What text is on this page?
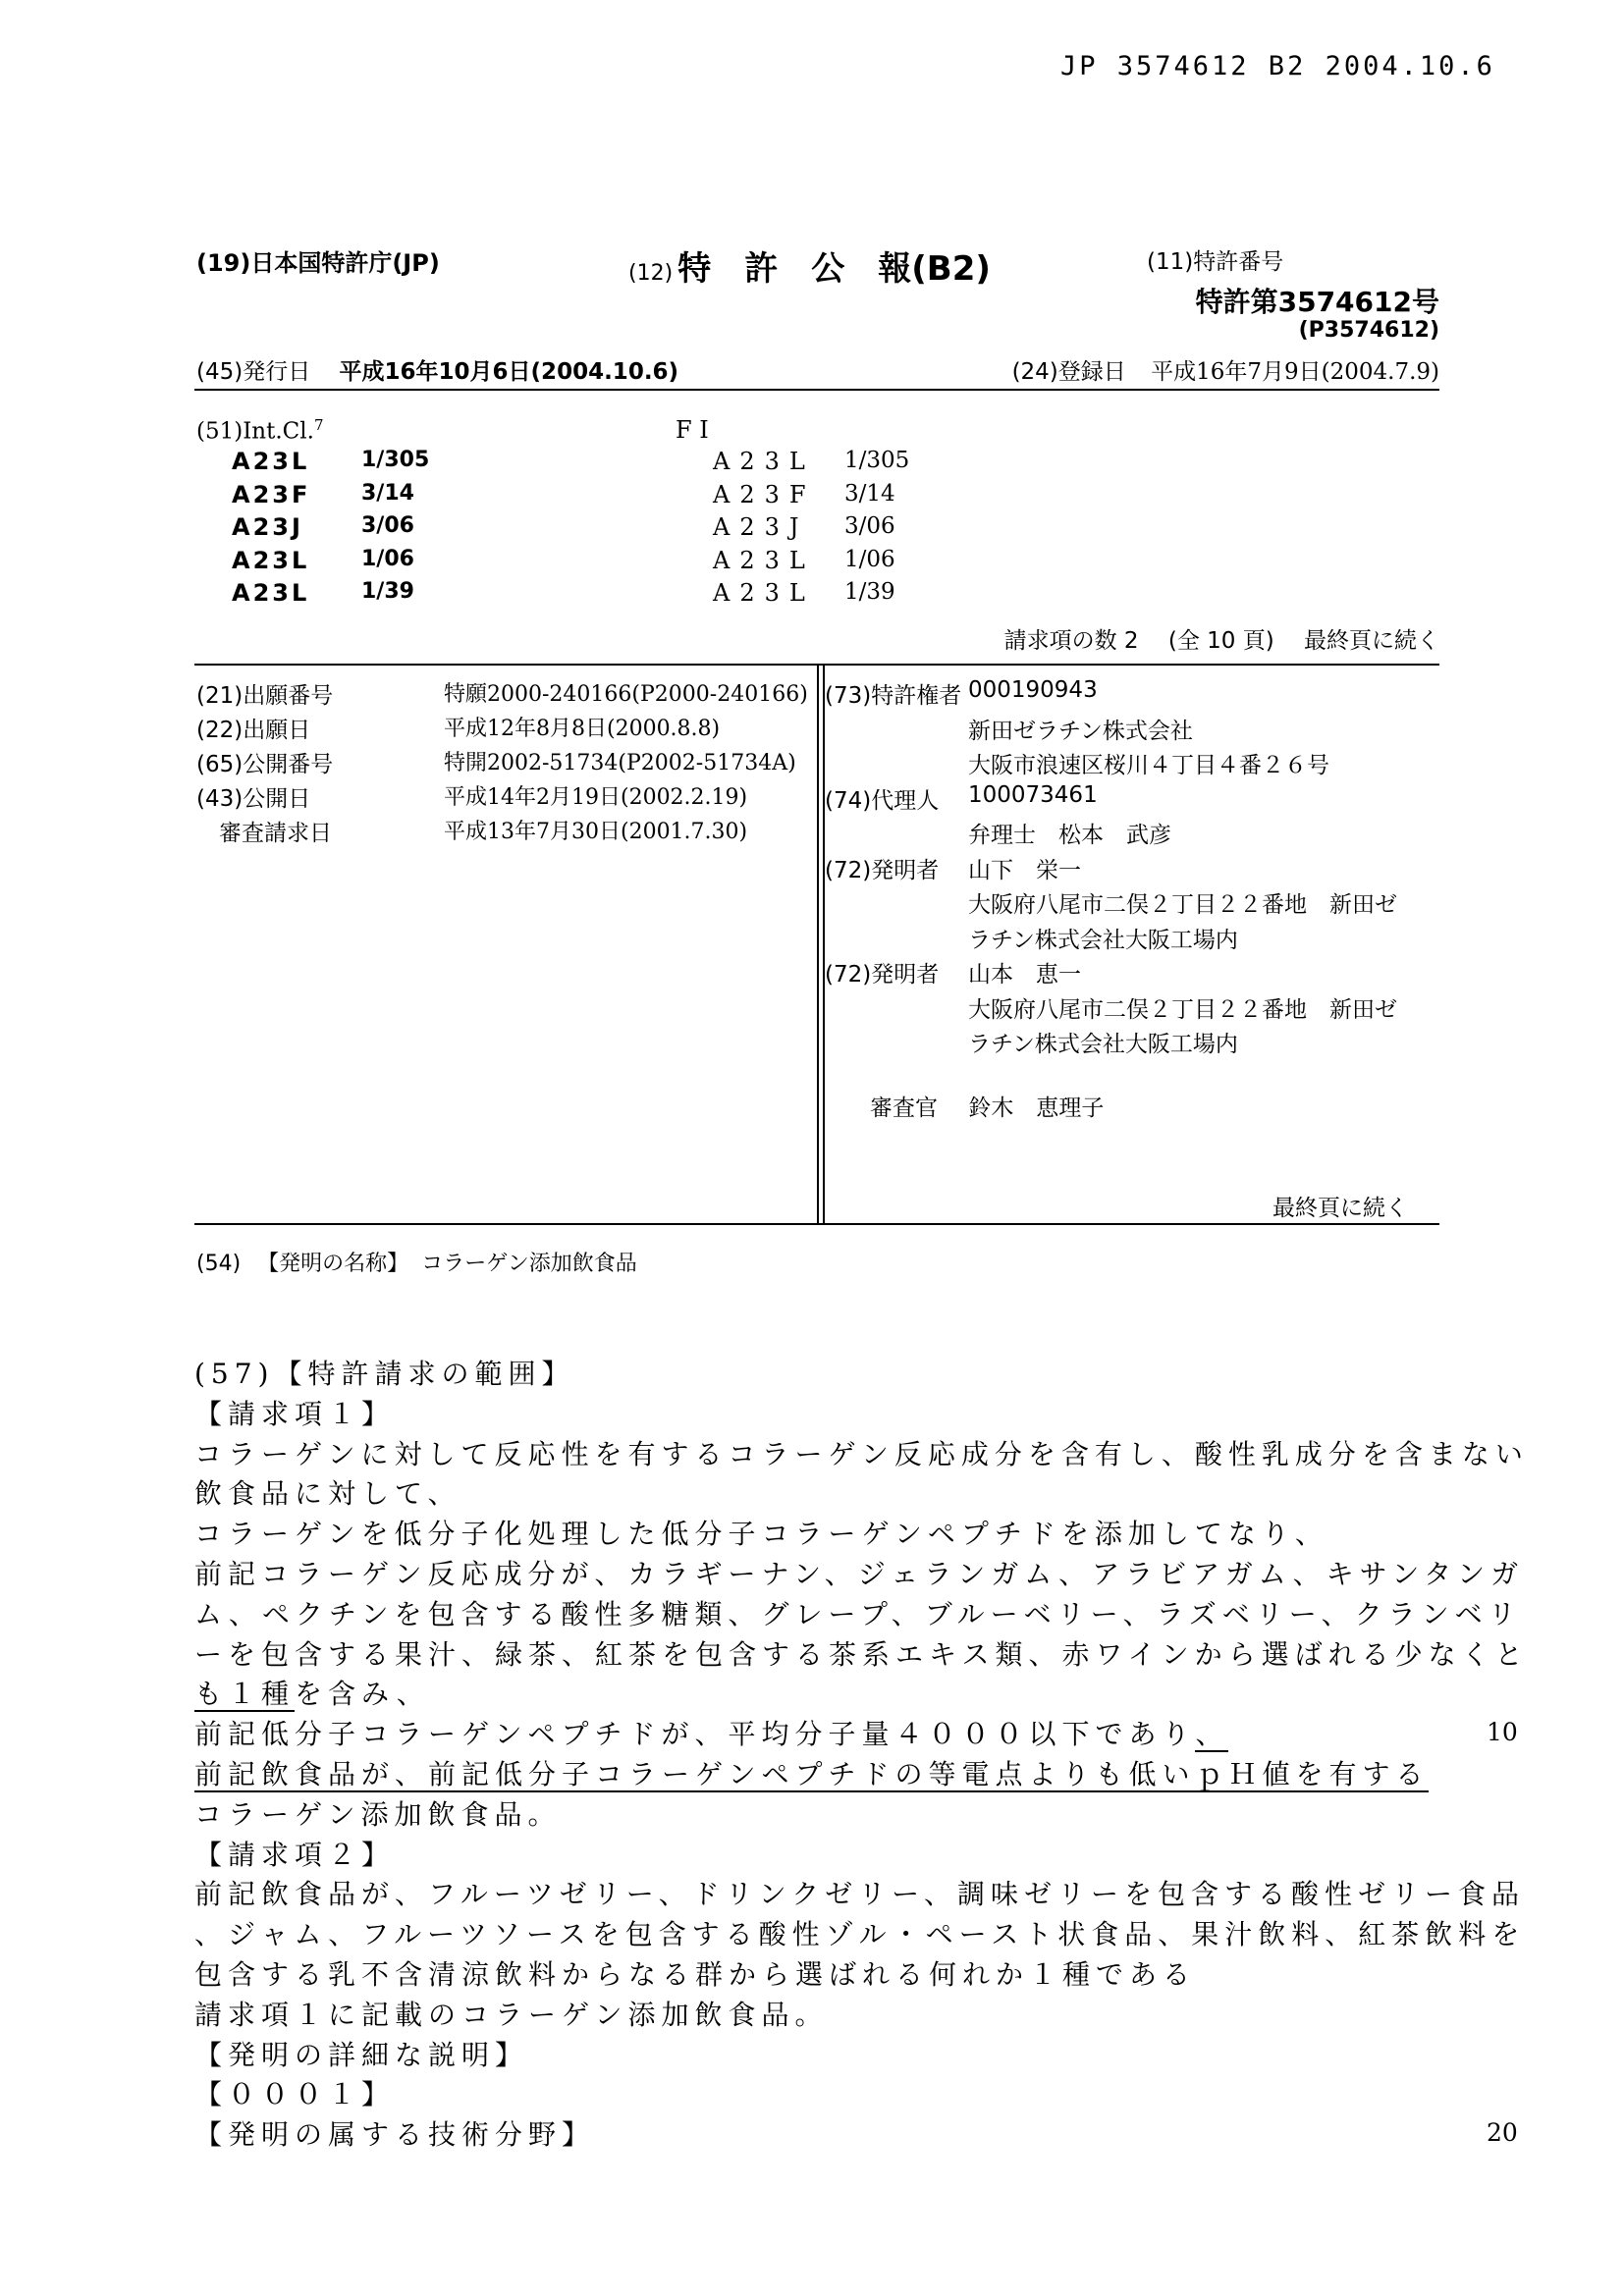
JP 3574612 B2 2004.10.6
(19)日本国特許庁(JP)	(12) 特　許　公　報(B2)	(11)特許番号
特許第3574612号
(P3574612)
(45)発行日 平成16年10月6日(2004.10.6)	(24)登録日 平成16年7月9日(2004.7.9)
(51)Int.Cl.$^7$	F I
A23L 1/305	A23L 1/305
A23F 3/14	A23F 3/14
A23J	3/06	A23J 3/06
A23L 1/06	A23L 1/06
A23L 1/39	A23L 1/39
請求項の数 2　 (全 10 頁)　 最終頁に続く
(21)出願番号	特願2000-240166(P2000-240166)
(22)出願日	平成12年8月8日(2000.8.8)
(65)公開番号	特開2002-51734(P2002-51734A)
(43)公開日	平成14年2月19日(2002.2.19)
　審査請求日	平成13年7月30日(2001.7.30)
(73)特許権者 000190943
新田ゼラチン株式会社
大阪市浪速区桜川４丁目４番２６号
(74)代理人 100073461
弁理士　松本　武彦
(72)発明者 山下　栄一
大阪府八尾市二俣２丁目２２番地　新田ゼ
ラチン株式会社大阪工場内
(72)発明者 山本　恵一
大阪府八尾市二俣２丁目２２番地　新田ゼ
ラチン株式会社大阪工場内
審査官 鈴木　恵理子
最終頁に続く
(54) 【発明の名称】 コラーゲン添加飲食品
(57)【特許請求の範囲】
【請求項１】
コラーゲンに対して反応性を有するコラーゲン反応成分を含有し、酸性乳成分を含まない
飲食品に対して、
コラーゲンを低分子化処理した低分子コラーゲンペプチドを添加してなり、
前記コラーゲン反応成分が、カラギーナン、ジェランガム、アラビアガム、キサンタンガ
ム、ペクチンを包含する酸性多糖類、グレープ、ブルーベリー、ラズベリー、クランベリ
ーを包含する果汁、緑茶、紅茶を包含する茶系エキス類、赤ワインから選ばれる少なくと
も１種を含み、
前記低分子コラーゲンペプチドが、平均分子量４０００以下であり、
前記飲食品が、前記低分子コラーゲンペプチドの等電点よりも低いｐＨ値を有する
コラーゲン添加飲食品。
【請求項２】
前記飲食品が、フルーツゼリー、ドリンクゼリー、調味ゼリーを包含する酸性ゼリー食品
、ジャム、フルーツソースを包含する酸性ゾル・ペースト状食品、果汁飲料、紅茶飲料を
包含する乳不含清涼飲料からなる群から選ばれる何れか１種である
請求項１に記載のコラーゲン添加飲食品。
【発明の詳細な説明】
【０００１】
【発明の属する技術分野】
10
20
